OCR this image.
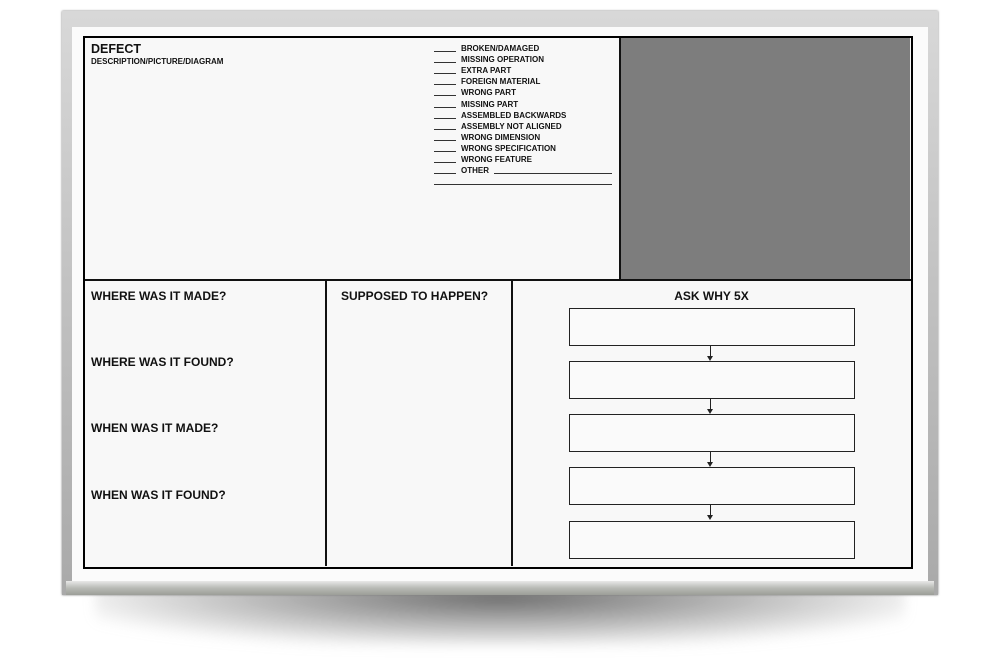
DEFECT
DESCRIPTION/PICTURE/DIAGRAM
BROKEN/DAMAGED
MISSING OPERATION
EXTRA PART
FOREIGN MATERIAL
WRONG PART
MISSING PART
ASSEMBLED BACKWARDS
ASSEMBLY NOT ALIGNED
WRONG DIMENSION
WRONG SPECIFICATION
WRONG FEATURE
OTHER
WHERE WAS IT MADE?
WHERE WAS IT FOUND?
WHEN WAS IT MADE?
WHEN WAS IT FOUND?
SUPPOSED TO HAPPEN?	ASK WHY 5X
